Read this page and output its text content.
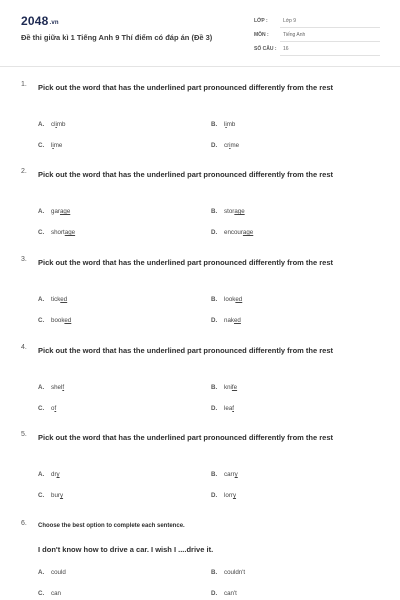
2048.vn
Đề thi giữa kì 1 Tiếng Anh 9 Thí điểm có đáp án (Đề 3)
LỚP :	Lớp 9
MÔN :	Tiếng Anh
SỐ CÂU : 16
1. Pick out the word that has the underlined part pronounced differently from the rest
A. climb	B. limb
C. lime	D. crime
2. Pick out the word that has the underlined part pronounced differently from the rest
A. garage	B. storage
C. shortage	D. encourage
3. Pick out the word that has the underlined part pronounced differently from the rest
A. ticked	B. looked
C. booked	D. naked
4. Pick out the word that has the underlined part pronounced differently from the rest
A. shelf	B. knife
C. of	D. leaf
5. Pick out the word that has the underlined part pronounced differently from the rest
A. dry	B. carry
C. bury	D. lorry
6. Choose the best option to complete each sentence.
I don't know how to drive a car. I wish I ....drive it.
A. could	B. couldn't
C. can	D. can't
